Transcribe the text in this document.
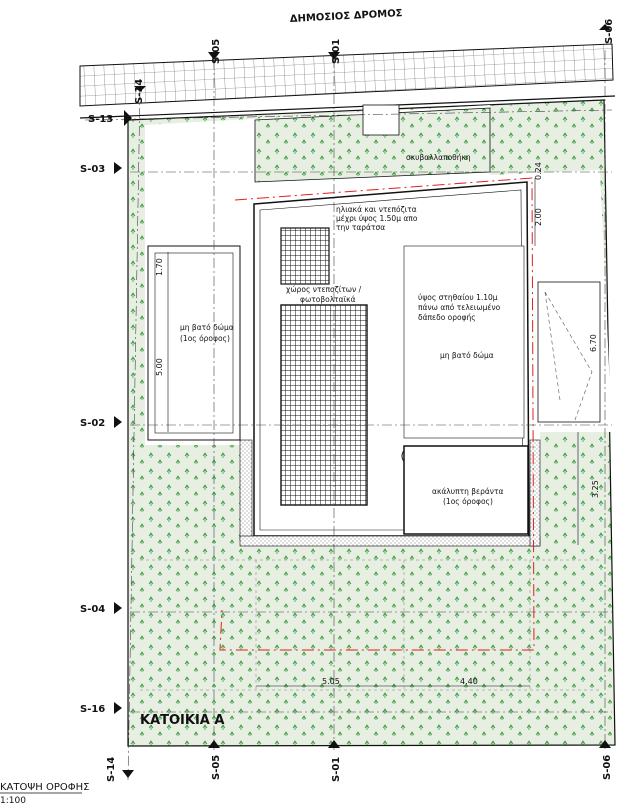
ΔΗΜΟΣΙΟΣ ΔΡΟΜΟΣ
σκυβαλλαποθήκη
μη βατό δώμα
(1ος όροφος)
μη βατό δώμα
ηλιακά και ντεπόζιτα
μέχρι ύψος 1.50μ απο
την ταράτσα
χώρος ντεποζίτων /
φωτοβολταϊκά	ύψος στηθαίου 1.10μ
πάνω από τελειωμένο
δάπεδο οροφής
ακάλυπτη βεράντα
(1ος όροφος)
S-13
S-14
S-03
S-02
S-04
S-16
S-05	S-01
S-06
S-05	S-01	S-06
S-14
1.70
5.00
0.24
2.00
6.70
3.25
5.05	4.40
ΚΑΤΟΙΚΙΑ Α
ΚΑΤΟΨΗ ΟΡΟΦΗΣ
1:100
